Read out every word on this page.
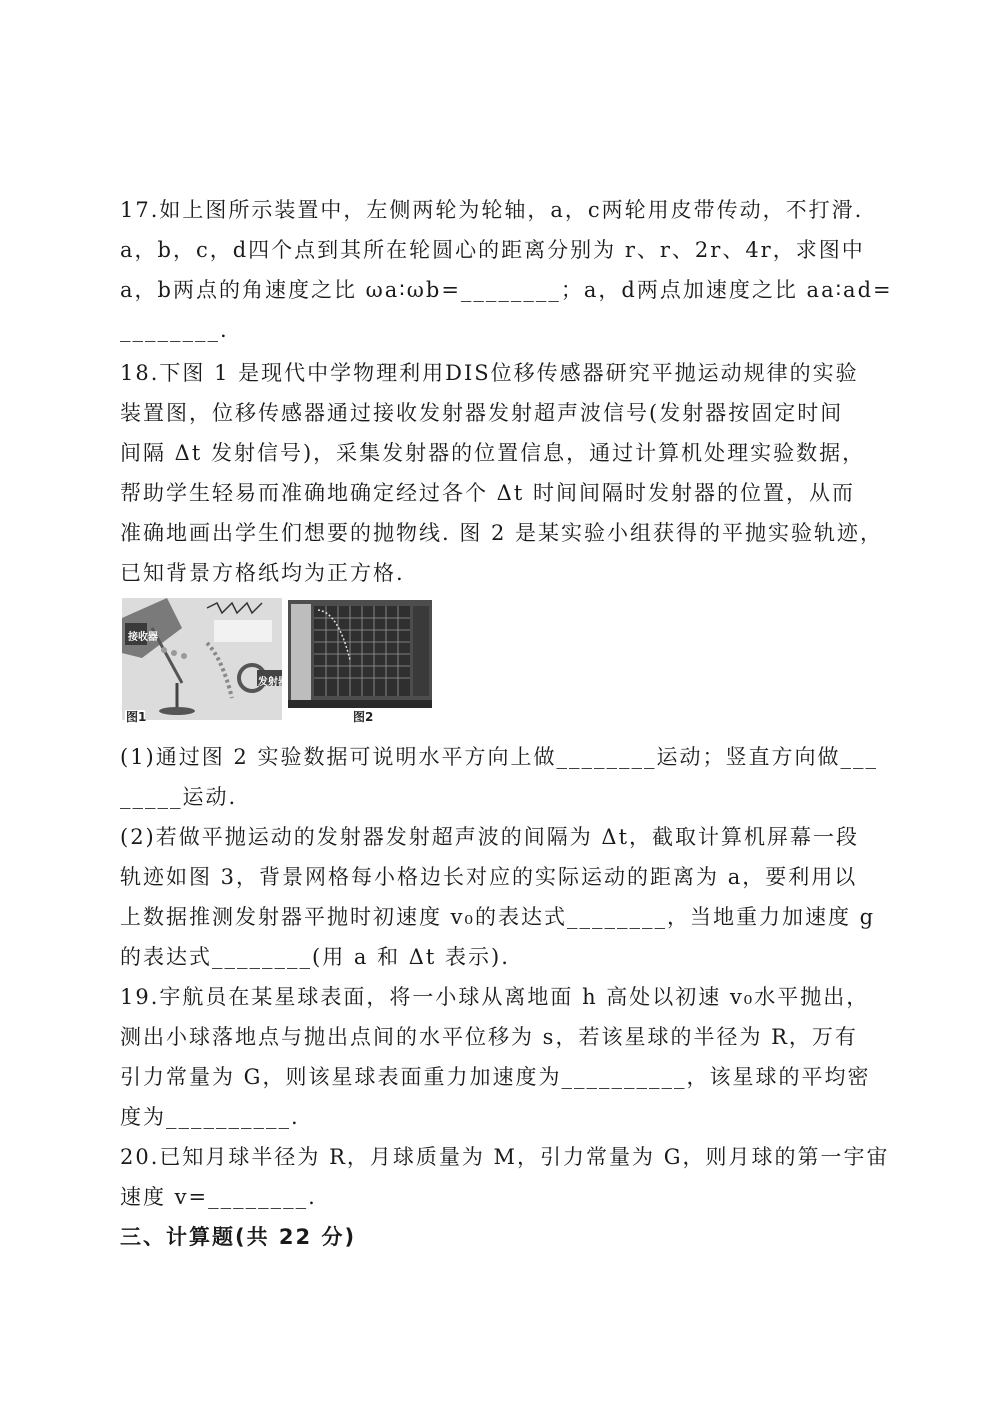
17.如上图所示装置中，左侧两轮为轮轴，a，c两轮用皮带传动，不打滑.
a，b，c，d四个点到其所在轮圆心的距离分别为 r、r、2r、4r，求图中
a，b两点的角速度之比 ωa∶ωb=________；a，d两点加速度之比 aa∶ad=
________.
18.下图 1 是现代中学物理利用DIS位移传感器研究平抛运动规律的实验
装置图，位移传感器通过接收发射器发射超声波信号(发射器按固定时间
间隔 Δt 发射信号)，采集发射器的位置信息，通过计算机处理实验数据，
帮助学生轻易而准确地确定经过各个 Δt 时间间隔时发射器的位置，从而
准确地画出学生们想要的抛物线. 图 2 是某实验小组获得的平抛实验轨迹，
已知背景方格纸均为正方格.
图1
接收器
发射器
图2
(1)通过图 2 实验数据可说明水平方向上做________运动；竖直方向做___
_____运动.
(2)若做平抛运动的发射器发射超声波的间隔为 Δt，截取计算机屏幕一段
轨迹如图 3，背景网格每小格边长对应的实际运动的距离为 a，要利用以
上数据推测发射器平抛时初速度 v₀的表达式________，当地重力加速度 g
的表达式________(用 a 和 Δt 表示).
19.宇航员在某星球表面，将一小球从离地面 h 高处以初速 v₀水平抛出，
测出小球落地点与抛出点间的水平位移为 s，若该星球的半径为 R，万有
引力常量为 G，则该星球表面重力加速度为__________，该星球的平均密
度为__________.
20.已知月球半径为 R，月球质量为 M，引力常量为 G，则月球的第一宇宙
速度 v=________.
三、计算题(共 22 分)
